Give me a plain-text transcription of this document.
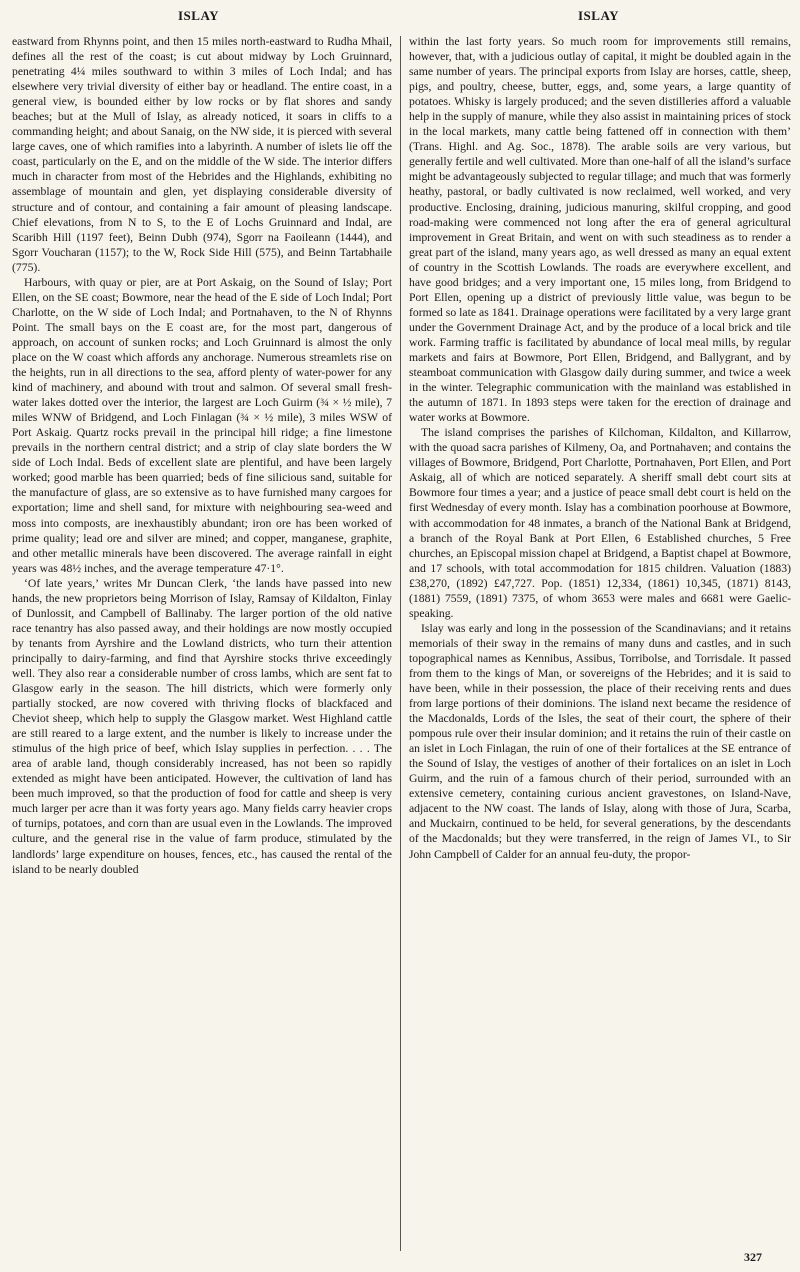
ISLAY	ISLAY

eastward from Rhynns point, and then 15 miles north-eastward to Rudha Mhail, defines all the rest of the coast; is cut about midway by Loch Gruinnard, penetrating 4¼ miles southward to within 3 miles of Loch Indal; and has elsewhere very trivial diversity of either bay or headland. The entire coast, in a general view, is bounded either by low rocks or by flat shores and sandy beaches; but at the Mull of Islay, as already noticed, it soars in cliffs to a commanding height; and about Sanaig, on the NW side, it is pierced with several large caves, one of which ramifies into a labyrinth. A number of islets lie off the coast, particularly on the E, and on the middle of the W side. The interior differs much in character from most of the Hebrides and the Highlands, exhibiting no assemblage of mountain and glen, yet displaying considerable diversity of structure and of contour, and containing a fair amount of pleasing landscape. Chief elevations, from N to S, to the E of Lochs Gruinnard and Indal, are Scaribh Hill (1197 feet), Beinn Dubh (974), Sgorr na Faoileann (1444), and Sgorr Voucharan (1157); to the W, Rock Side Hill (575), and Beinn Tartabhaile (775).

Harbours, with quay or pier, are at Port Askaig, on the Sound of Islay; Port Ellen, on the SE coast; Bowmore, near the head of the E side of Loch Indal; Port Charlotte, on the W side of Loch Indal; and Portnahaven, to the N of Rhynns Point. The small bays on the E coast are, for the most part, dangerous of approach, on account of sunken rocks; and Loch Gruinnard is almost the only place on the W coast which affords any anchorage. Numerous streamlets rise on the heights, run in all directions to the sea, afford plenty of water-power for any kind of machinery, and abound with trout and salmon. Of several small fresh-water lakes dotted over the interior, the largest are Loch Guirm (¾ × ½ mile), 7 miles WNW of Bridgend, and Loch Finlagan (¾ × ½ mile), 3 miles WSW of Port Askaig. Quartz rocks prevail in the principal hill ridge; a fine limestone prevails in the northern central district; and a strip of clay slate borders the W side of Loch Indal. Beds of excellent slate are plentiful, and have been largely worked; good marble has been quarried; beds of fine silicious sand, suitable for the manufacture of glass, are so extensive as to have furnished many cargoes for exportation; lime and shell sand, for mixture with neighbouring sea-weed and moss into composts, are inexhaustibly abundant; iron ore has been worked of prime quality; lead ore and silver are mined; and copper, manganese, graphite, and other metallic minerals have been discovered. The average rainfall in eight years was 48½ inches, and the average temperature 47·1°.

‘Of late years,’ writes Mr Duncan Clerk, ‘the lands have passed into new hands, the new proprietors being Morrison of Islay, Ramsay of Kildalton, Finlay of Dunlossit, and Campbell of Ballinaby. The larger portion of the old native race tenantry has also passed away, and their holdings are now mostly occupied by tenants from Ayrshire and the Lowland districts, who turn their attention principally to dairy-farming, and find that Ayrshire stocks thrive exceedingly well. They also rear a considerable number of cross lambs, which are sent fat to Glasgow early in the season. The hill districts, which were formerly only partially stocked, are now covered with thriving flocks of blackfaced and Cheviot sheep, which help to supply the Glasgow market. West Highland cattle are still reared to a large extent, and the number is likely to increase under the stimulus of the high price of beef, which Islay supplies in perfection. . . . The area of arable land, though considerably increased, has not been so rapidly extended as might have been anticipated. However, the cultivation of land has been much improved, so that the production of food for cattle and sheep is very much larger per acre than it was forty years ago. Many fields carry heavier crops of turnips, potatoes, and corn than are usual even in the Lowlands. The improved culture, and the general rise in the value of farm produce, stimulated by the landlords’ large expenditure on houses, fences, etc., has caused the rental of the island to be nearly doubled

within the last forty years. So much room for improvements still remains, however, that, with a judicious outlay of capital, it might be doubled again in the same number of years. The principal exports from Islay are horses, cattle, sheep, pigs, and poultry, cheese, butter, eggs, and, some years, a large quantity of potatoes. Whisky is largely produced; and the seven distilleries afford a valuable help in the supply of manure, while they also assist in maintaining prices of stock in the local markets, many cattle being fattened off in connection with them’ (Trans. Highl. and Ag. Soc., 1878). The arable soils are very various, but generally fertile and well cultivated. More than one-half of all the island’s surface might be advantageously subjected to regular tillage; and much that was formerly heathy, pastoral, or badly cultivated is now reclaimed, well worked, and very productive. Enclosing, draining, judicious manuring, skilful cropping, and good road-making were commenced not long after the era of general agricultural improvement in Great Britain, and went on with such steadiness as to render a great part of the island, many years ago, as well dressed as many an equal extent of country in the Scottish Lowlands. The roads are everywhere excellent, and have good bridges; and a very important one, 15 miles long, from Bridgend to Port Ellen, opening up a district of previously little value, was begun to be formed so late as 1841. Drainage operations were facilitated by a very large grant under the Government Drainage Act, and by the produce of a local brick and tile work. Farming traffic is facilitated by abundance of local meal mills, by regular markets and fairs at Bowmore, Port Ellen, Bridgend, and Ballygrant, and by steamboat communication with Glasgow daily during summer, and twice a week in the winter. Telegraphic communication with the mainland was established in the autumn of 1871. In 1893 steps were taken for the erection of drainage and water works at Bowmore.

The island comprises the parishes of Kilchoman, Kildalton, and Killarrow, with the quoad sacra parishes of Kilmeny, Oa, and Portnahaven; and contains the villages of Bowmore, Bridgend, Port Charlotte, Portnahaven, Port Ellen, and Port Askaig, all of which are noticed separately. A sheriff small debt court sits at Bowmore four times a year; and a justice of peace small debt court is held on the first Wednesday of every month. Islay has a combination poorhouse at Bowmore, with accommodation for 48 inmates, a branch of the National Bank at Bridgend, a branch of the Royal Bank at Port Ellen, 6 Established churches, 5 Free churches, an Episcopal mission chapel at Bridgend, a Baptist chapel at Bowmore, and 17 schools, with total accommodation for 1815 children. Valuation (1883) £38,270, (1892) £47,727. Pop. (1851) 12,334, (1861) 10,345, (1871) 8143, (1881) 7559, (1891) 7375, of whom 3653 were males and 6681 were Gaelic-speaking.

Islay was early and long in the possession of the Scandinavians; and it retains memorials of their sway in the remains of many duns and castles, and in such topographical names as Kennibus, Assibus, Torribolse, and Torrisdale. It passed from them to the kings of Man, or sovereigns of the Hebrides; and it is said to have been, while in their possession, the place of their receiving rents and dues from large portions of their dominions. The island next became the residence of the Macdonalds, Lords of the Isles, the seat of their court, the sphere of their pompous rule over their insular dominion; and it retains the ruin of their castle on an islet in Loch Finlagan, the ruin of one of their fortalices at the SE entrance of the Sound of Islay, the vestiges of another of their fortalices on an islet in Loch Guirm, and the ruin of a famous church of their period, surrounded with an extensive cemetery, containing curious ancient gravestones, on Island-Nave, adjacent to the NW coast. The lands of Islay, along with those of Jura, Scarba, and Muckairn, continued to be held, for several generations, by the descendants of the Macdonalds; but they were transferred, in the reign of James VI., to Sir John Campbell of Calder for an annual feu-duty, the propor-

327
